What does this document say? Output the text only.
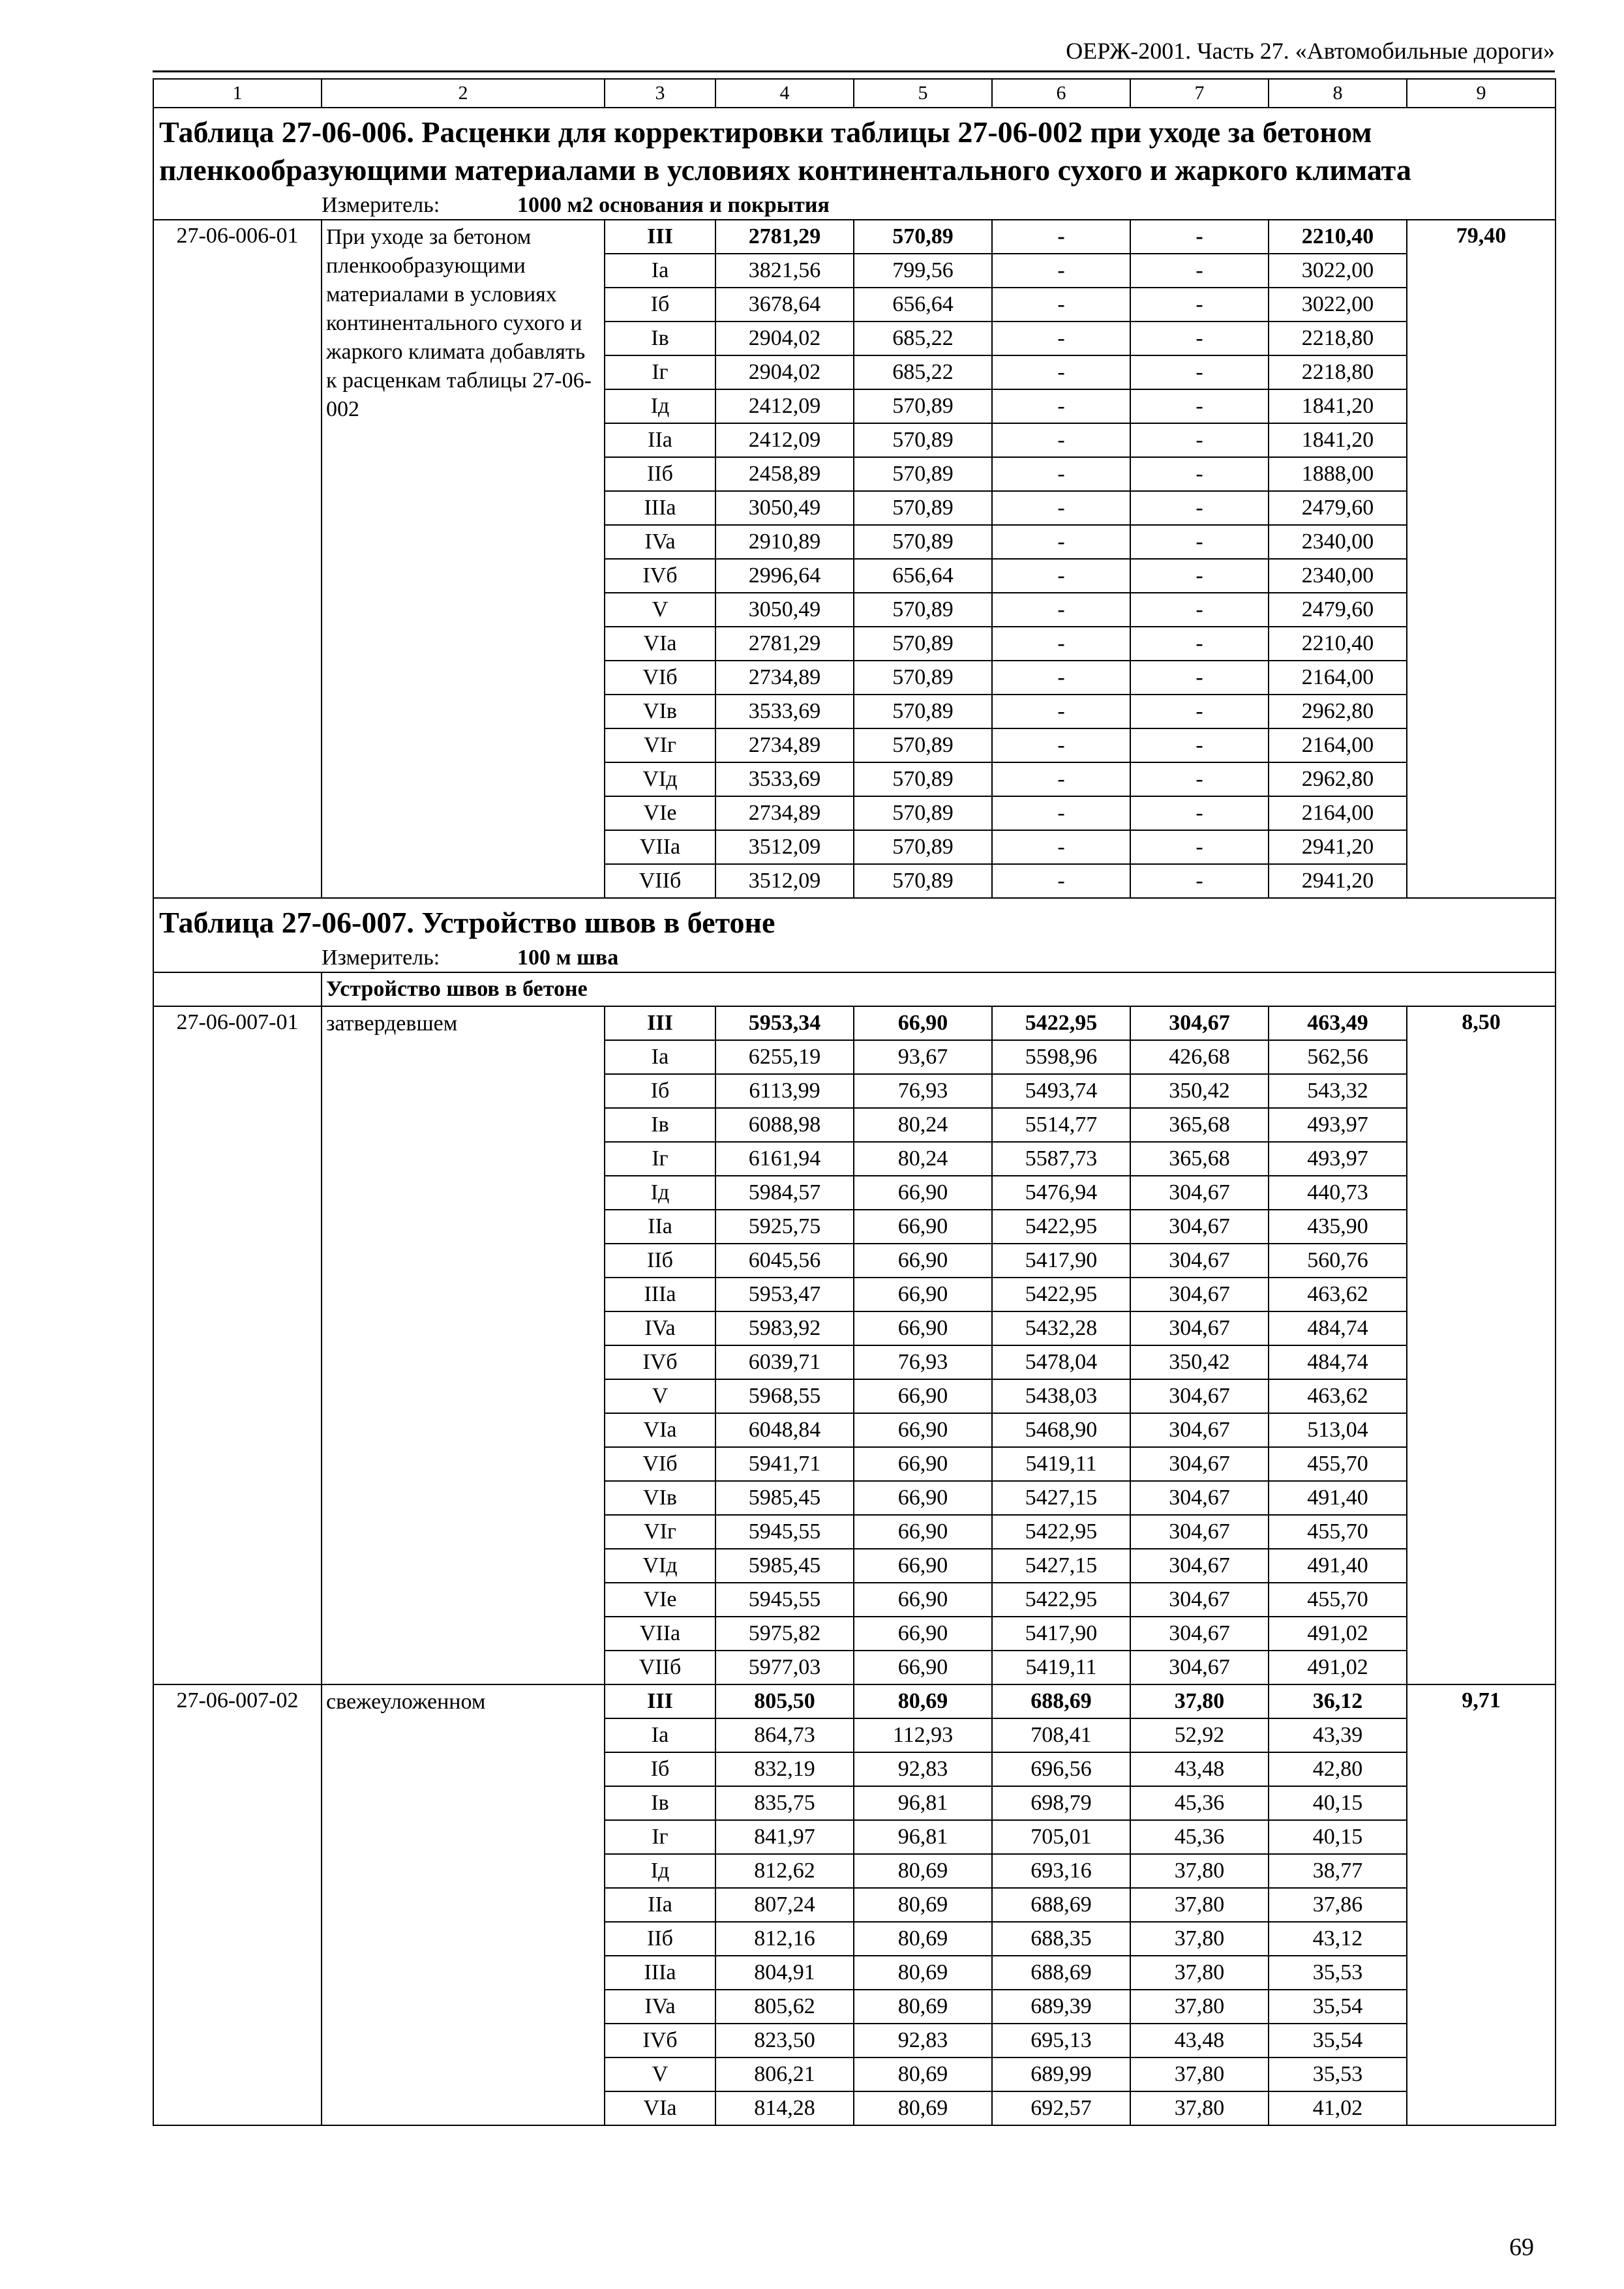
ОЕРЖ-2001. Часть 27. «Автомобильные дороги»
1	2	3	4	5	6	7	8	9
Таблица 27-06-006. Расценки для корректировки таблицы 27-06-002 при уходе за бетоном пленкообразующими материалами в условиях континентального сухого и жаркого климата								
	Измеритель: 1000 м2 основания и покрытия							
27-06-006-01	При уходе за бетоном пленкообразующими материалами в условиях континентального сухого и жаркого климата добавлять к расценкам таблицы 27-06-002	III	2781,29	570,89	-	-	2210,40	79,40
		Ia	3821,56	799,56	-	-	3022,00	
		Iб	3678,64	656,64	-	-	3022,00	
		Iв	2904,02	685,22	-	-	2218,80	
		Iг	2904,02	685,22	-	-	2218,80	
		Iд	2412,09	570,89	-	-	1841,20	
		IIa	2412,09	570,89	-	-	1841,20	
		IIб	2458,89	570,89	-	-	1888,00	
		IIIa	3050,49	570,89	-	-	2479,60	
		IVa	2910,89	570,89	-	-	2340,00	
		IVб	2996,64	656,64	-	-	2340,00	
		V	3050,49	570,89	-	-	2479,60	
		VIa	2781,29	570,89	-	-	2210,40	
		VIб	2734,89	570,89	-	-	2164,00	
		VIв	3533,69	570,89	-	-	2962,80	
		VIг	2734,89	570,89	-	-	2164,00	
		VIд	3533,69	570,89	-	-	2962,80	
		VIe	2734,89	570,89	-	-	2164,00	
		VIIa	3512,09	570,89	-	-	2941,20	
		VIIб	3512,09	570,89	-	-	2941,20	
Таблица 27-06-007. Устройство швов в бетоне								
	Измеритель: 100 м шва							
	Устройство швов в бетоне							
27-06-007-01	затвердевшем	III	5953,34	66,90	5422,95	304,67	463,49	8,50
		Ia	6255,19	93,67	5598,96	426,68	562,56	
		Iб	6113,99	76,93	5493,74	350,42	543,32	
		Iв	6088,98	80,24	5514,77	365,68	493,97	
		Iг	6161,94	80,24	5587,73	365,68	493,97	
		Iд	5984,57	66,90	5476,94	304,67	440,73	
		IIa	5925,75	66,90	5422,95	304,67	435,90	
		IIб	6045,56	66,90	5417,90	304,67	560,76	
		IIIa	5953,47	66,90	5422,95	304,67	463,62	
		IVa	5983,92	66,90	5432,28	304,67	484,74	
		IVб	6039,71	76,93	5478,04	350,42	484,74	
		V	5968,55	66,90	5438,03	304,67	463,62	
		VIa	6048,84	66,90	5468,90	304,67	513,04	
		VIб	5941,71	66,90	5419,11	304,67	455,70	
		VIв	5985,45	66,90	5427,15	304,67	491,40	
		VIг	5945,55	66,90	5422,95	304,67	455,70	
		VIд	5985,45	66,90	5427,15	304,67	491,40	
		VIe	5945,55	66,90	5422,95	304,67	455,70	
		VIIa	5975,82	66,90	5417,90	304,67	491,02	
		VIIб	5977,03	66,90	5419,11	304,67	491,02	
27-06-007-02	свежеуложенном	III	805,50	80,69	688,69	37,80	36,12	9,71
		Ia	864,73	112,93	708,41	52,92	43,39	
		Iб	832,19	92,83	696,56	43,48	42,80	
		Iв	835,75	96,81	698,79	45,36	40,15	
		Iг	841,97	96,81	705,01	45,36	40,15	
		Iд	812,62	80,69	693,16	37,80	38,77	
		IIa	807,24	80,69	688,69	37,80	37,86	
		IIб	812,16	80,69	688,35	37,80	43,12	
		IIIa	804,91	80,69	688,69	37,80	35,53	
		IVa	805,62	80,69	689,39	37,80	35,54	
		IVб	823,50	92,83	695,13	43,48	35,54	
		V	806,21	80,69	689,99	37,80	35,53	
		VIa	814,28	80,69	692,57	37,80	41,02	
69
